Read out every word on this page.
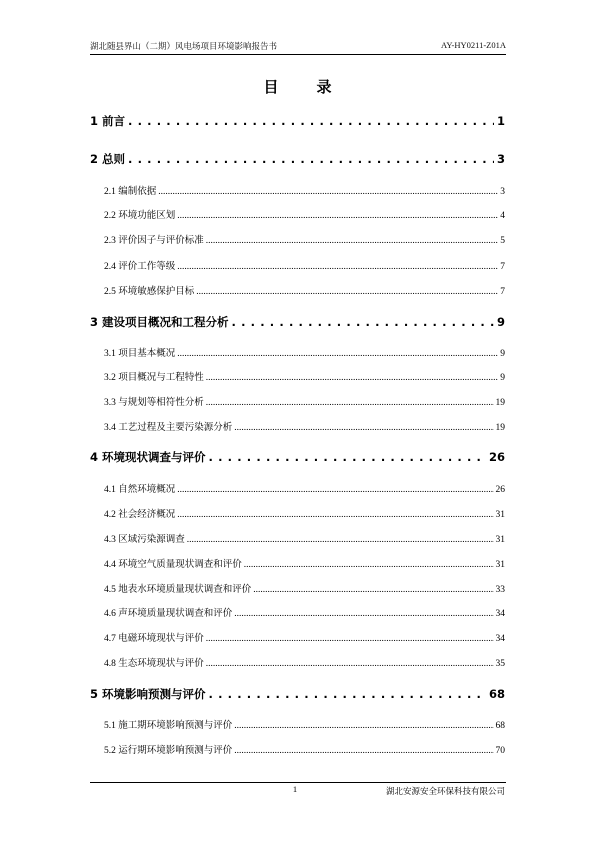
湖北随县界山（二期）风电场项目环境影响报告书	AY-HY0211-Z01A
目	录
1 前言 . . .	1
2 总则 . . .	3
2.1 编制依据 .....	3
2.2 环境功能区划 .....	4
2.3 评价因子与评价标准 .....	5
2.4 评价工作等级 .....	7
2.5 环境敏感保护目标 .....	7
3 建设项目概况和工程分析 . . .	9
3.1 项目基本概况 .....	9
3.2 项目概况与工程特性 .....	9
3.3 与规划等相符性分析 .....	19
3.4 工艺过程及主要污染源分析 .....	19
4 环境现状调查与评价 . . .	26
4.1 自然环境概况 .....	26
4.2 社会经济概况 .....	31
4.3 区域污染源调查 .....	31
4.4 环境空气质量现状调查和评价 .....	31
4.5 地表水环境质量现状调查和评价 .....	33
4.6 声环境质量现状调查和评价 .....	34
4.7 电磁环境现状与评价 .....	34
4.8 生态环境现状与评价 .....	35
5 环境影响预测与评价 . . .	68
5.1 施工期环境影响预测与评价 .....	68
5.2 运行期环境影响预测与评价 .....	70
1	湖北安源安全环保科技有限公司
